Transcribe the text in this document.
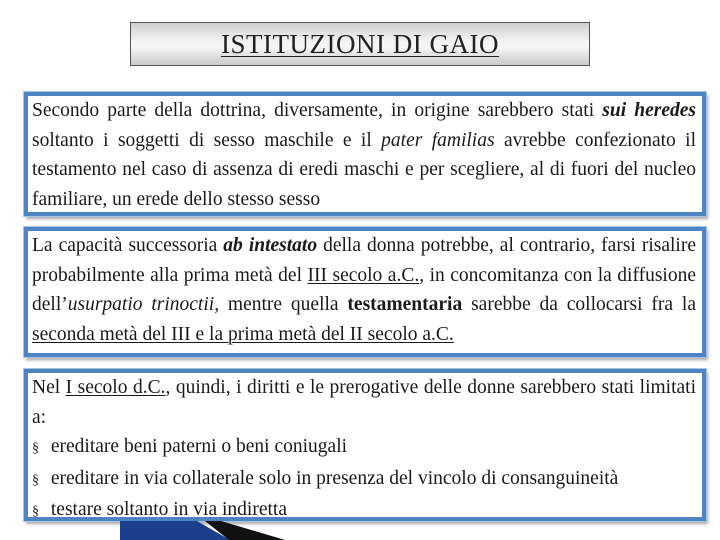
ISTITUZIONI DI GAIO

Secondo parte della dottrina, diversamente, in origine sarebbero stati sui heredes soltanto i soggetti di sesso maschile e il pater familias avrebbe confezionato il testamento nel caso di assenza di eredi maschi e per scegliere, al di fuori del nucleo familiare, un erede dello stesso sesso

La capacità successoria ab intestato della donna potrebbe, al contrario, farsi risalire probabilmente alla prima metà del III secolo a.C., in concomitanza con la diffusione dell’usurpatio trinoctii, mentre quella testamentaria sarebbe da collocarsi fra la seconda metà del III e la prima metà del II secolo a.C.

Nel I secolo d.C., quindi, i diritti e le prerogative delle donne sarebbero stati limitati a:

§ ereditare beni paterni o beni coniugali
§ ereditare in via collaterale solo in presenza del vincolo di consanguineità
§ testare soltanto in via indiretta
